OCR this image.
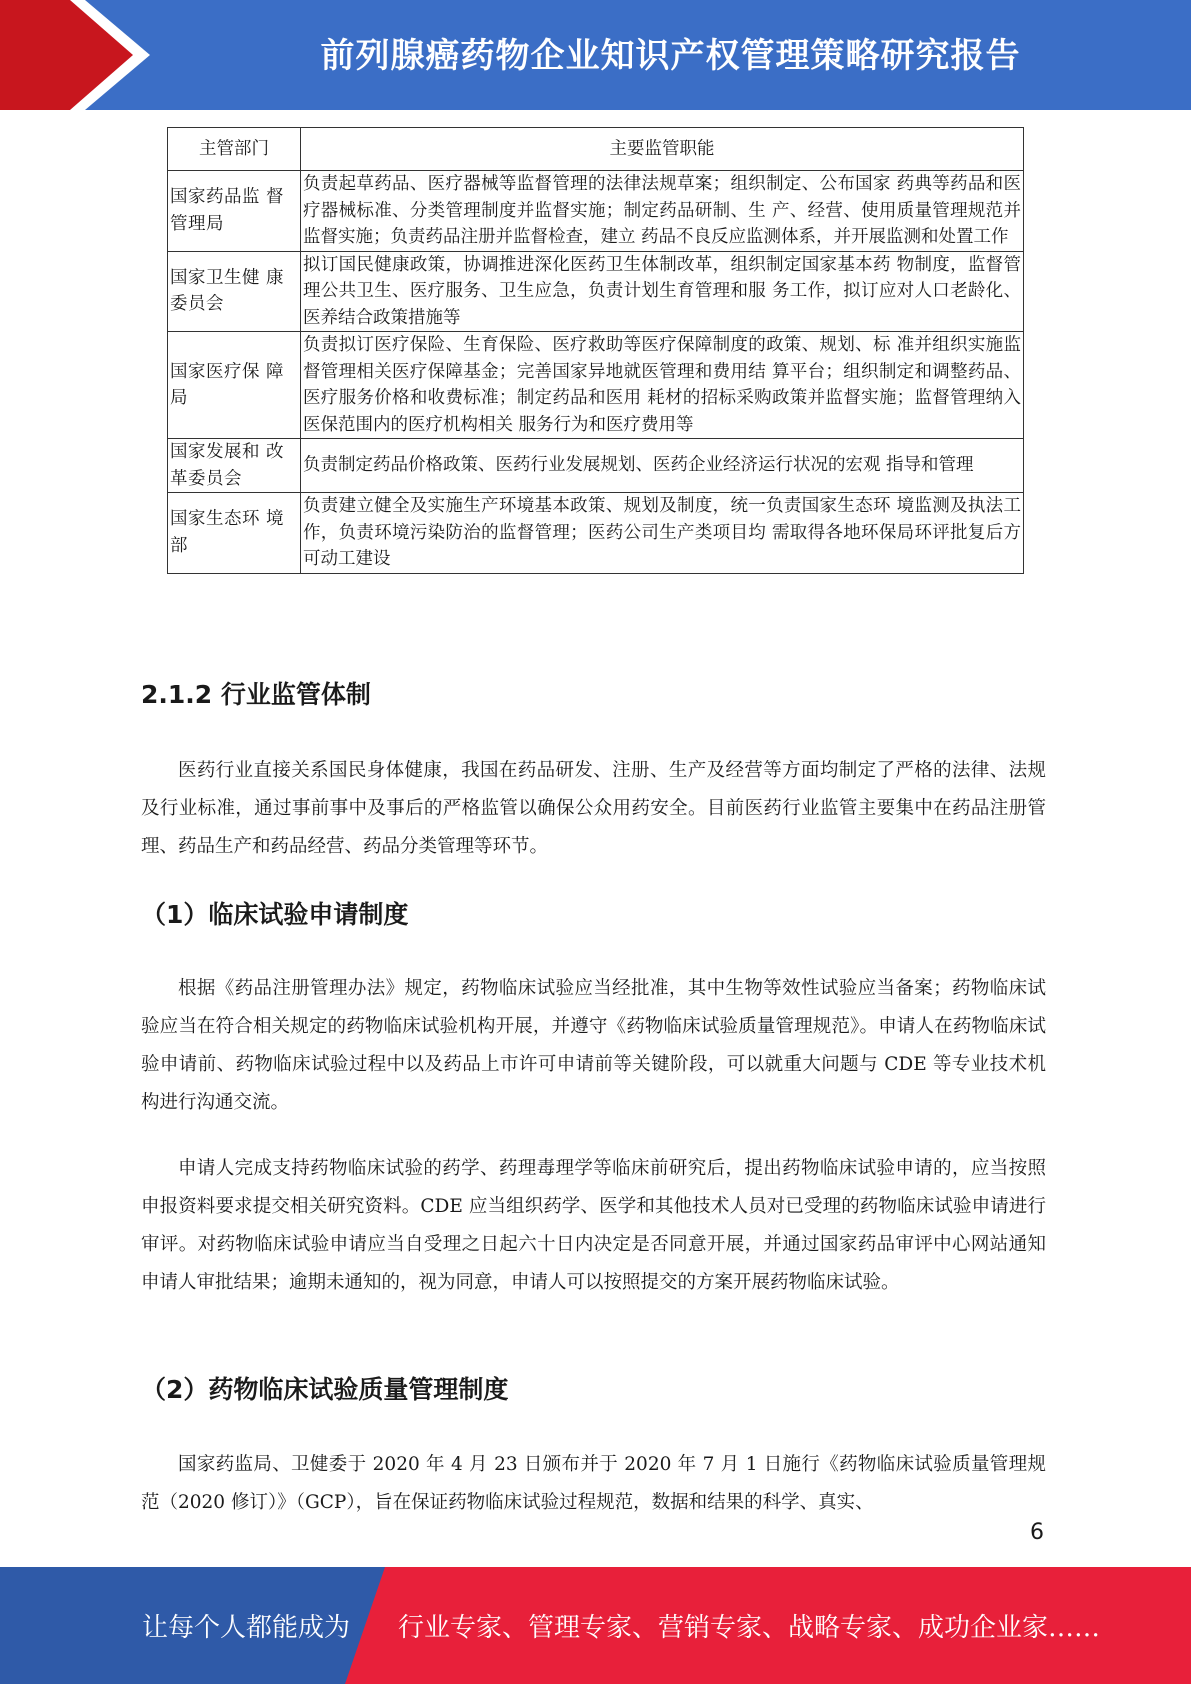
前列腺癌药物企业知识产权管理策略研究报告
主管部门	主要监管职能
国家药品监 督管理局	负责起草药品、医疗器械等监督管理的法律法规草案；组织制定、公布国家 药典等药品和医疗器械标准、分类管理制度并监督实施；制定药品研制、生 产、经营、使用质量管理规范并监督实施；负责药品注册并监督检查，建立 药品不良反应监测体系，并开展监测和处置工作
国家卫生健 康委员会	拟订国民健康政策，协调推进深化医药卫生体制改革，组织制定国家基本药 物制度，监督管理公共卫生、医疗服务、卫生应急，负责计划生育管理和服 务工作，拟订应对人口老龄化、医养结合政策措施等
国家医疗保 障局	负责拟订医疗保险、生育保险、医疗救助等医疗保障制度的政策、规划、标 准并组织实施监督管理相关医疗保障基金；完善国家异地就医管理和费用结 算平台；组织制定和调整药品、医疗服务价格和收费标准；制定药品和医用 耗材的招标采购政策并监督实施；监督管理纳入医保范围内的医疗机构相关 服务行为和医疗费用等
国家发展和 改革委员会	负责制定药品价格政策、医药行业发展规划、医药企业经济运行状况的宏观 指导和管理
国家生态环 境部	负责建立健全及实施生产环境基本政策、规划及制度，统一负责国家生态环 境监测及执法工作，负责环境污染防治的监督管理；医药公司生产类项目均 需取得各地环保局环评批复后方可动工建设
2.1.2 行业监管体制

医药行业直接关系国民身体健康，我国在药品研发、注册、生产及经营等方面均制定了严格的法律、法规及行业标准，通过事前事中及事后的严格监管以确保公众用药安全。目前医药行业监管主要集中在药品注册管理、药品生产和药品经营、药品分类管理等环节。

（1）临床试验申请制度

根据《药品注册管理办法》规定，药物临床试验应当经批准，其中生物等效性试验应当备案；药物临床试验应当在符合相关规定的药物临床试验机构开展，并遵守《药物临床试验质量管理规范》。申请人在药物临床试验申请前、药物临床试验过程中以及药品上市许可申请前等关键阶段，可以就重大问题与 CDE 等专业技术机构进行沟通交流。

申请人完成支持药物临床试验的药学、药理毒理学等临床前研究后，提出药物临床试验申请的，应当按照申报资料要求提交相关研究资料。CDE 应当组织药学、医学和其他技术人员对已受理的药物临床试验申请进行审评。对药物临床试验申请应当自受理之日起六十日内决定是否同意开展，并通过国家药品审评中心网站通知申请人审批结果；逾期未通知的，视为同意，申请人可以按照提交的方案开展药物临床试验。

（2）药物临床试验质量管理制度

国家药监局、卫健委于 2020 年 4 月 23 日颁布并于 2020 年 7 月 1 日施行《药物临床试验质量管理规范（2020 修订）》（GCP），旨在保证药物临床试验过程规范，数据和结果的科学、真实、

6
让每个人都能成为 行业专家、管理专家、营销专家、战略专家、成功企业家……
